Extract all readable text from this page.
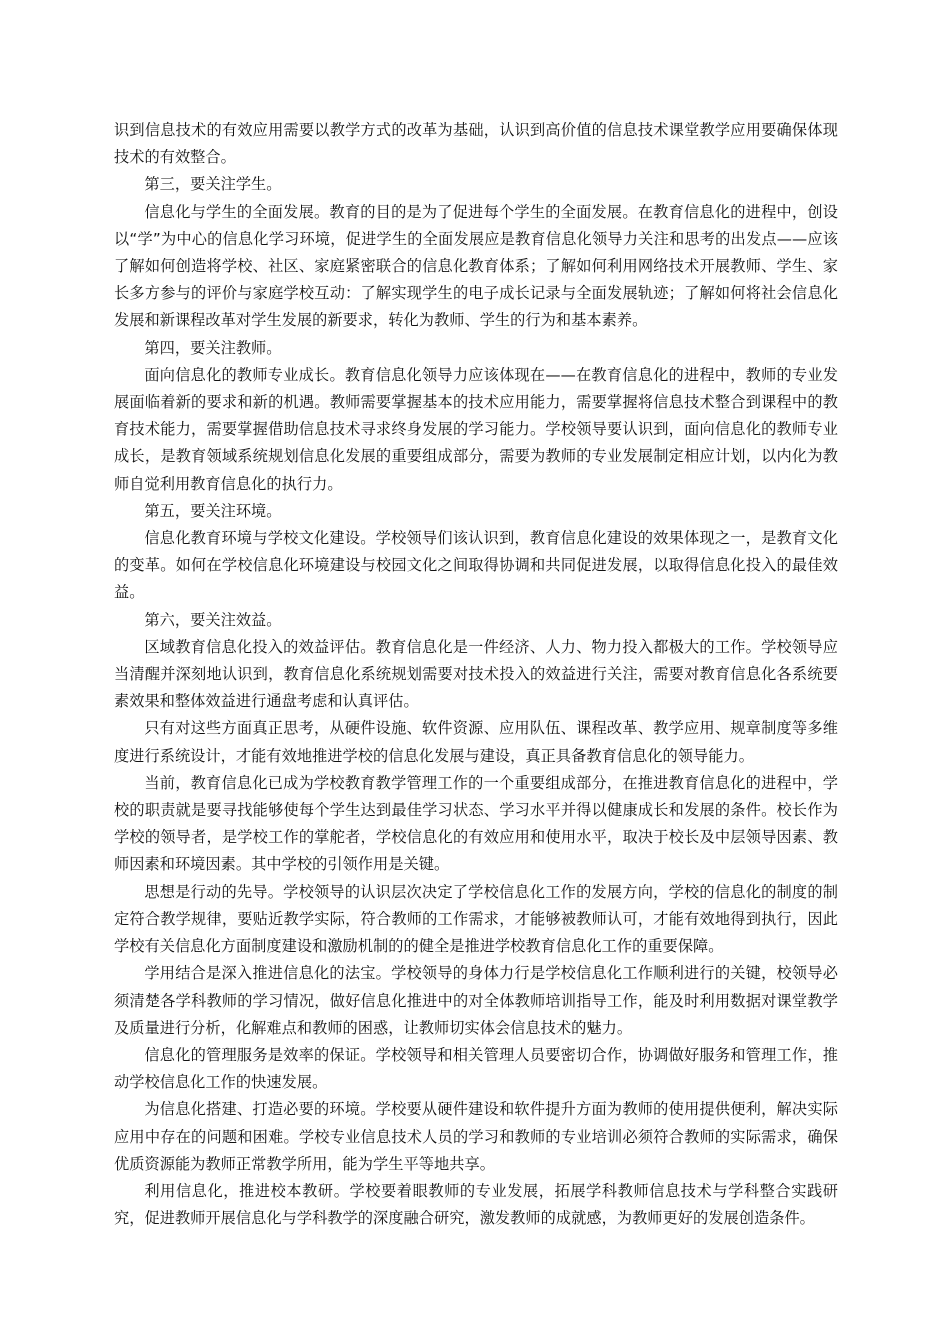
识到信息技术的有效应用需要以教学方式的改革为基础，认识到高价值的信息技术课堂教学应用要确保体现技术的有效整合。

第三，要关注学生。

信息化与学生的全面发展。教育的目的是为了促进每个学生的全面发展。在教育信息化的进程中，创设以“学”为中心的信息化学习环境，促进学生的全面发展应是教育信息化领导力关注和思考的出发点——应该了解如何创造将学校、社区、家庭紧密联合的信息化教育体系；了解如何利用网络技术开展教师、学生、家长多方参与的评价与家庭学校互动：了解实现学生的电子成长记录与全面发展轨迹；了解如何将社会信息化发展和新课程改革对学生发展的新要求，转化为教师、学生的行为和基本素养。

第四，要关注教师。

面向信息化的教师专业成长。教育信息化领导力应该体现在——在教育信息化的进程中，教师的专业发展面临着新的要求和新的机遇。教师需要掌握基本的技术应用能力，需要掌握将信息技术整合到课程中的教育技术能力，需要掌握借助信息技术寻求终身发展的学习能力。学校领导要认识到，面向信息化的教师专业成长，是教育领域系统规划信息化发展的重要组成部分，需要为教师的专业发展制定相应计划，以内化为教师自觉利用教育信息化的执行力。

第五，要关注环境。

信息化教育环境与学校文化建设。学校领导们该认识到，教育信息化建设的效果体现之一，是教育文化的变革。如何在学校信息化环境建设与校园文化之间取得协调和共同促进发展，以取得信息化投入的最佳效益。

第六，要关注效益。

区域教育信息化投入的效益评估。教育信息化是一件经济、人力、物力投入都极大的工作。学校领导应当清醒并深刻地认识到，教育信息化系统规划需要对技术投入的效益进行关注，需要对教育信息化各系统要素效果和整体效益进行通盘考虑和认真评估。

只有对这些方面真正思考，从硬件设施、软件资源、应用队伍、课程改革、教学应用、规章制度等多维度进行系统设计，才能有效地推进学校的信息化发展与建设，真正具备教育信息化的领导能力。

当前，教育信息化已成为学校教育教学管理工作的一个重要组成部分，在推进教育信息化的进程中，学校的职责就是要寻找能够使每个学生达到最佳学习状态、学习水平并得以健康成长和发展的条件。校长作为学校的领导者，是学校工作的掌舵者，学校信息化的有效应用和使用水平，取决于校长及中层领导因素、教师因素和环境因素。其中学校的引领作用是关键。

思想是行动的先导。学校领导的认识层次决定了学校信息化工作的发展方向，学校的信息化的制度的制定符合教学规律，要贴近教学实际，符合教师的工作需求，才能够被教师认可，才能有效地得到执行，因此学校有关信息化方面制度建设和激励机制的的健全是推进学校教育信息化工作的重要保障。

学用结合是深入推进信息化的法宝。学校领导的身体力行是学校信息化工作顺利进行的关键，校领导必须清楚各学科教师的学习情况，做好信息化推进中的对全体教师培训指导工作，能及时利用数据对课堂教学及质量进行分析，化解难点和教师的困惑，让教师切实体会信息技术的魅力。

信息化的管理服务是效率的保证。学校领导和相关管理人员要密切合作，协调做好服务和管理工作，推动学校信息化工作的快速发展。

为信息化搭建、打造必要的环境。学校要从硬件建设和软件提升方面为教师的使用提供便利，解决实际应用中存在的问题和困难。学校专业信息技术人员的学习和教师的专业培训必须符合教师的实际需求，确保优质资源能为教师正常教学所用，能为学生平等地共享。

利用信息化，推进校本教研。学校要着眼教师的专业发展，拓展学科教师信息技术与学科整合实践研究，促进教师开展信息化与学科教学的深度融合研究，激发教师的成就感，为教师更好的发展创造条件。
